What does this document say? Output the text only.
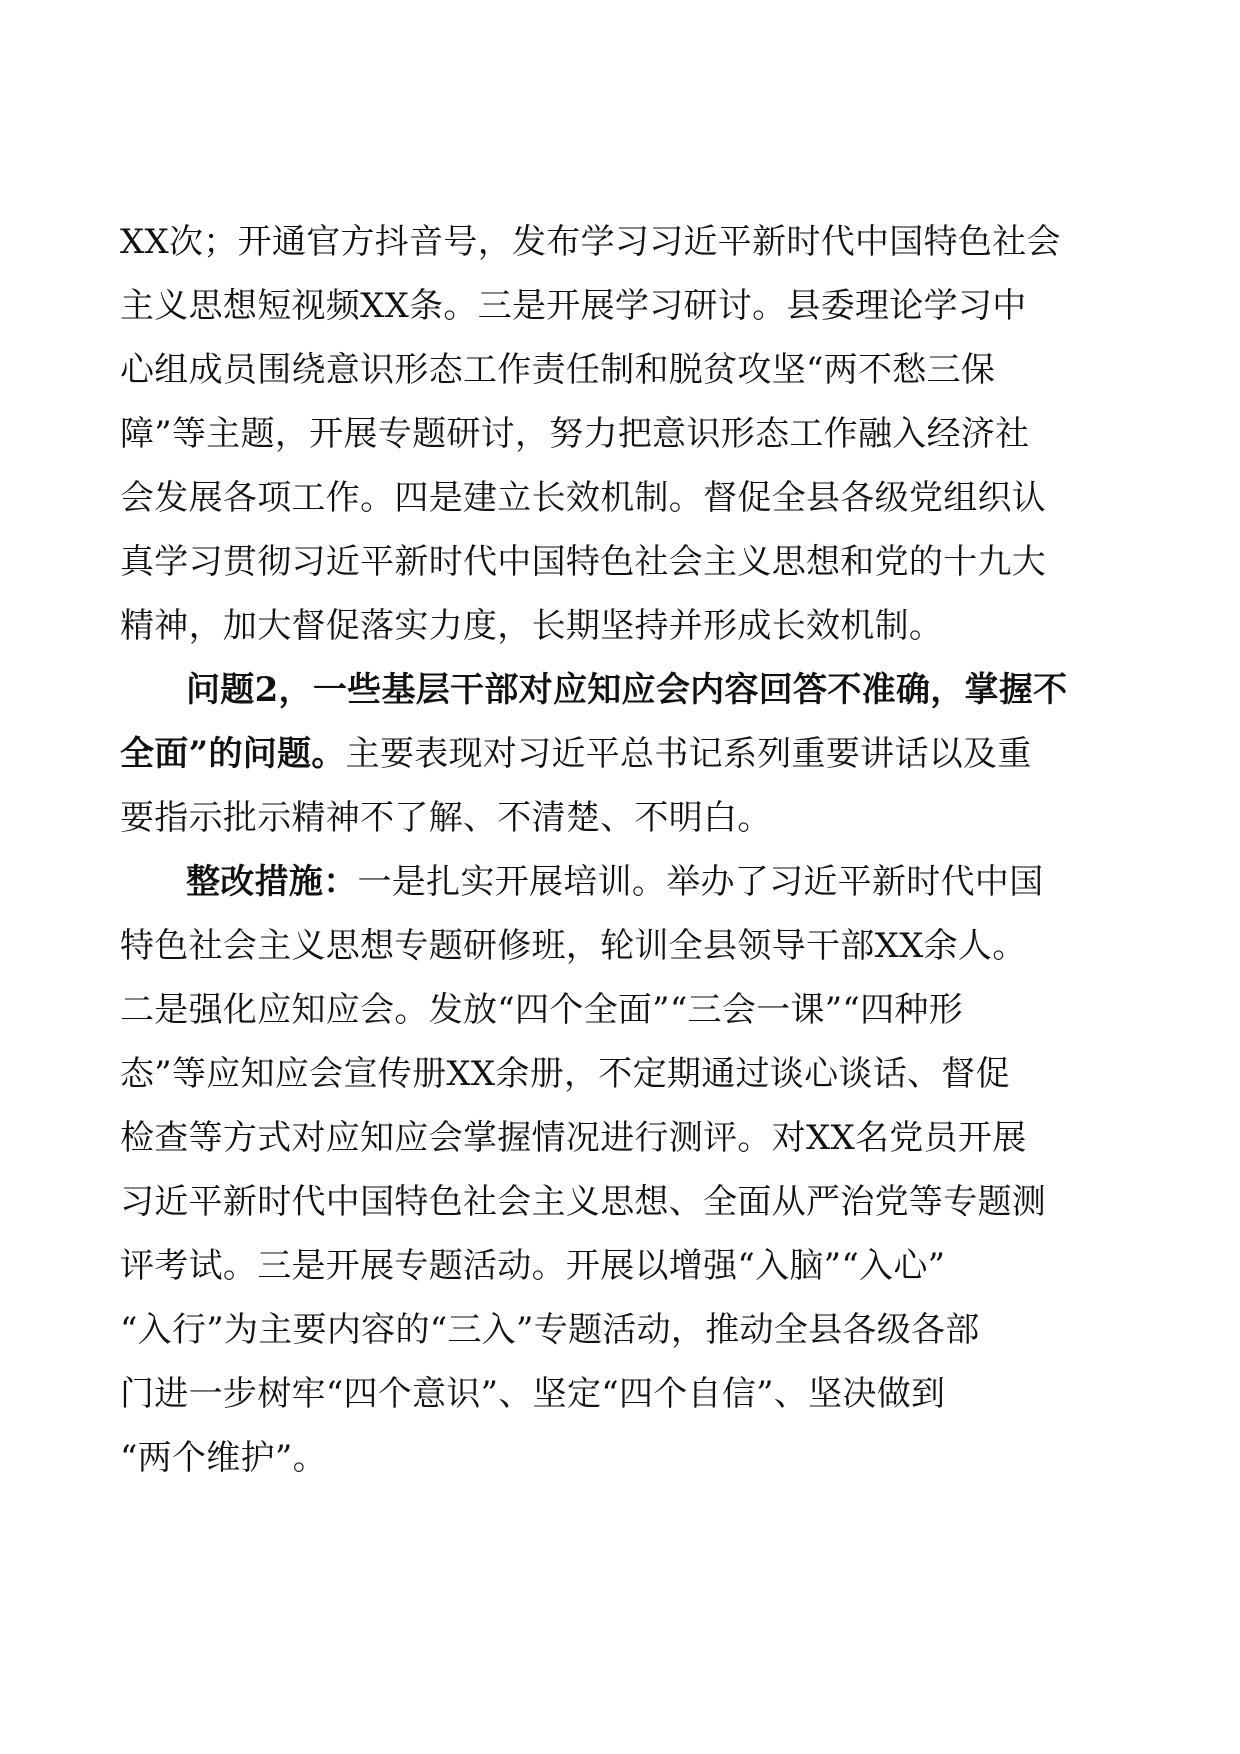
XX次；开通官方抖音号，发布学习习近平新时代中国特色社会
主义思想短视频XX条。三是开展学习研讨。县委理论学习中
心组成员围绕意识形态工作责任制和脱贫攻坚“两不愁三保
障”等主题，开展专题研讨，努力把意识形态工作融入经济社
会发展各项工作。四是建立长效机制。督促全县各级党组织认
真学习贯彻习近平新时代中国特色社会主义思想和党的十九大
精神，加大督促落实力度，长期坚持并形成长效机制。
问题2，一些基层干部对应知应会内容回答不准确，掌握不
全面”的问题。主要表现对习近平总书记系列重要讲话以及重
要指示批示精神不了解、不清楚、不明白。
整改措施：一是扎实开展培训。举办了习近平新时代中国
特色社会主义思想专题研修班，轮训全县领导干部XX余人。
二是强化应知应会。发放“四个全面”“三会一课”“四种形
态”等应知应会宣传册XX余册，不定期通过谈心谈话、督促
检查等方式对应知应会掌握情况进行测评。对XX名党员开展
习近平新时代中国特色社会主义思想、全面从严治党等专题测
评考试。三是开展专题活动。开展以增强“入脑”“入心”
“入行”为主要内容的“三入”专题活动，推动全县各级各部
门进一步树牢“四个意识”、坚定“四个自信”、坚决做到
“两个维护”。
